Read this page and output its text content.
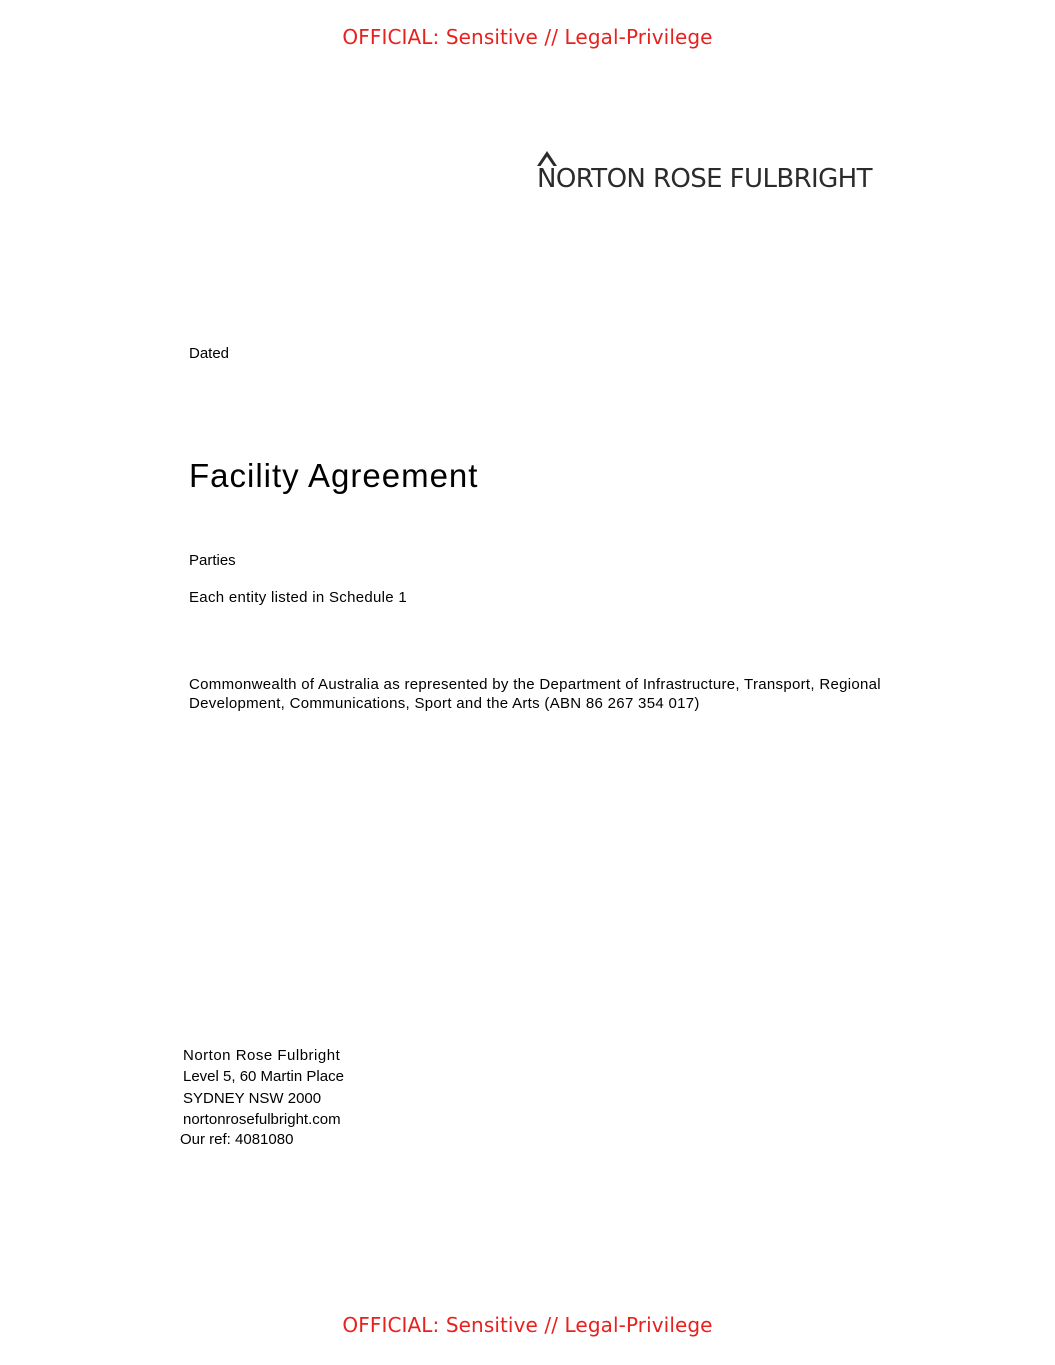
OFFICIAL: Sensitive // Legal-Privilege
NORTON ROSE FULBRIGHT
Dated
Facility Agreement
Parties
Each entity listed in Schedule 1
Commonwealth of Australia as represented by the Department of Infrastructure, Transport, Regional Development, Communications, Sport and the Arts (ABN 86 267 354 017)
Norton Rose Fulbright
Level 5, 60 Martin Place
SYDNEY NSW 2000
nortonrosefulbright.com
Our ref: 4081080
OFFICIAL: Sensitive // Legal-Privilege
